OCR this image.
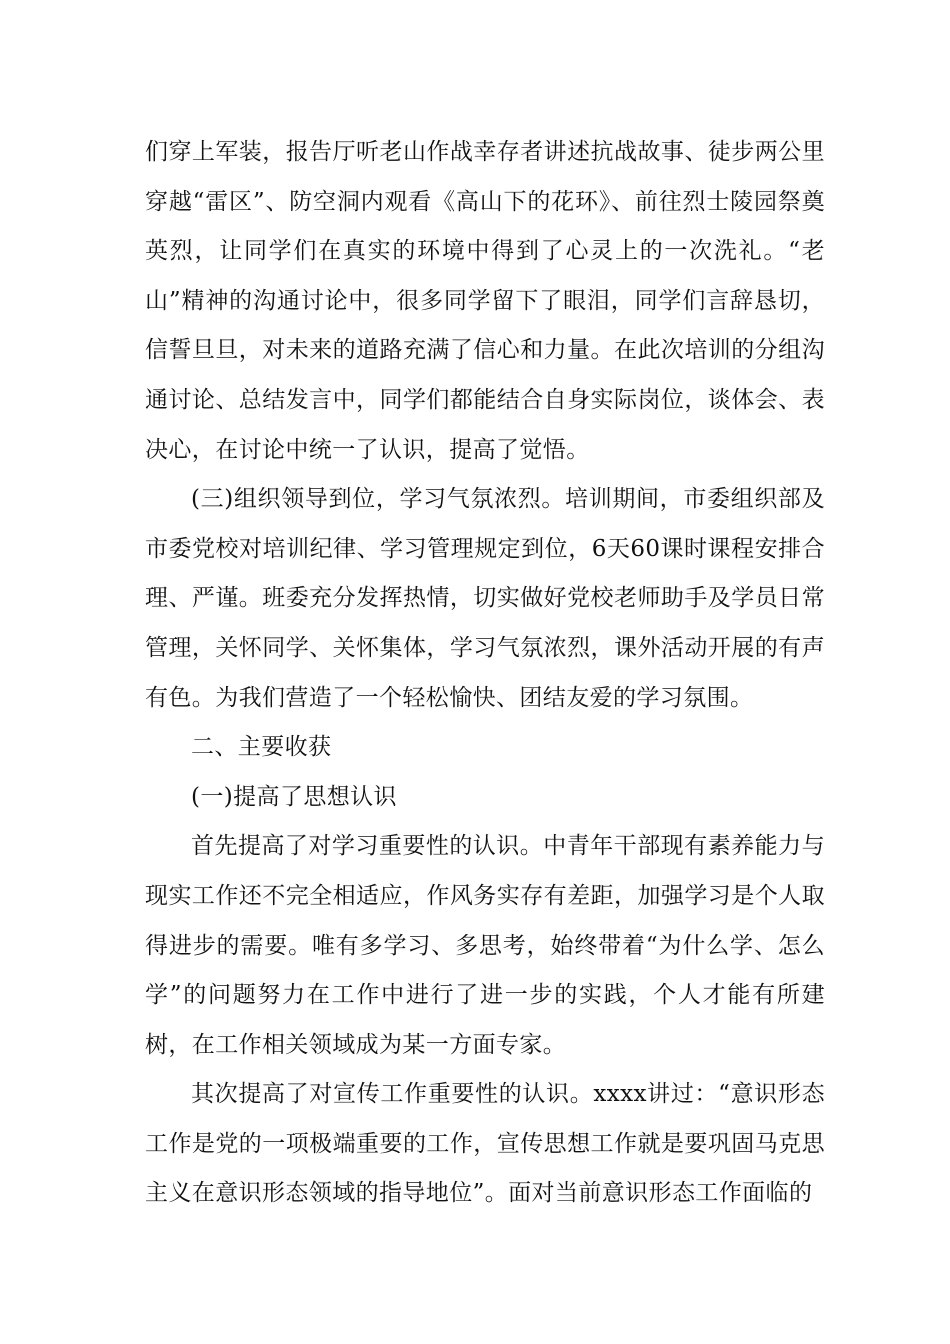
们穿上军装，报告厅听老山作战幸存者讲述抗战故事、徒步两公里穿越“雷区”、防空洞内观看《高山下的花环》、前往烈士陵园祭奠英烈，让同学们在真实的环境中得到了心灵上的一次洗礼。“老山”精神的沟通讨论中，很多同学留下了眼泪，同学们言辞恳切，信誓旦旦，对未来的道路充满了信心和力量。在此次培训的分组沟通讨论、总结发言中，同学们都能结合自身实际岗位，谈体会、表决心，在讨论中统一了认识，提高了觉悟。

(三)组织领导到位，学习气氛浓烈。培训期间，市委组织部及市委党校对培训纪律、学习管理规定到位，6天60课时课程安排合理、严谨。班委充分发挥热情，切实做好党校老师助手及学员日常管理，关怀同学、关怀集体，学习气氛浓烈，课外活动开展的有声有色。为我们营造了一个轻松愉快、团结友爱的学习氛围。

二、主要收获

(一)提高了思想认识

首先提高了对学习重要性的认识。中青年干部现有素养能力与现实工作还不完全相适应，作风务实存有差距，加强学习是个人取得进步的需要。唯有多学习、多思考，始终带着“为什么学、怎么学”的问题努力在工作中进行了进一步的实践，个人才能有所建树，在工作相关领域成为某一方面专家。

其次提高了对宣传工作重要性的认识。xxxx讲过：“意识形态工作是党的一项极端重要的工作，宣传思想工作就是要巩固马克思主义在意识形态领域的指导地位”。面对当前意识形态工作面临的
